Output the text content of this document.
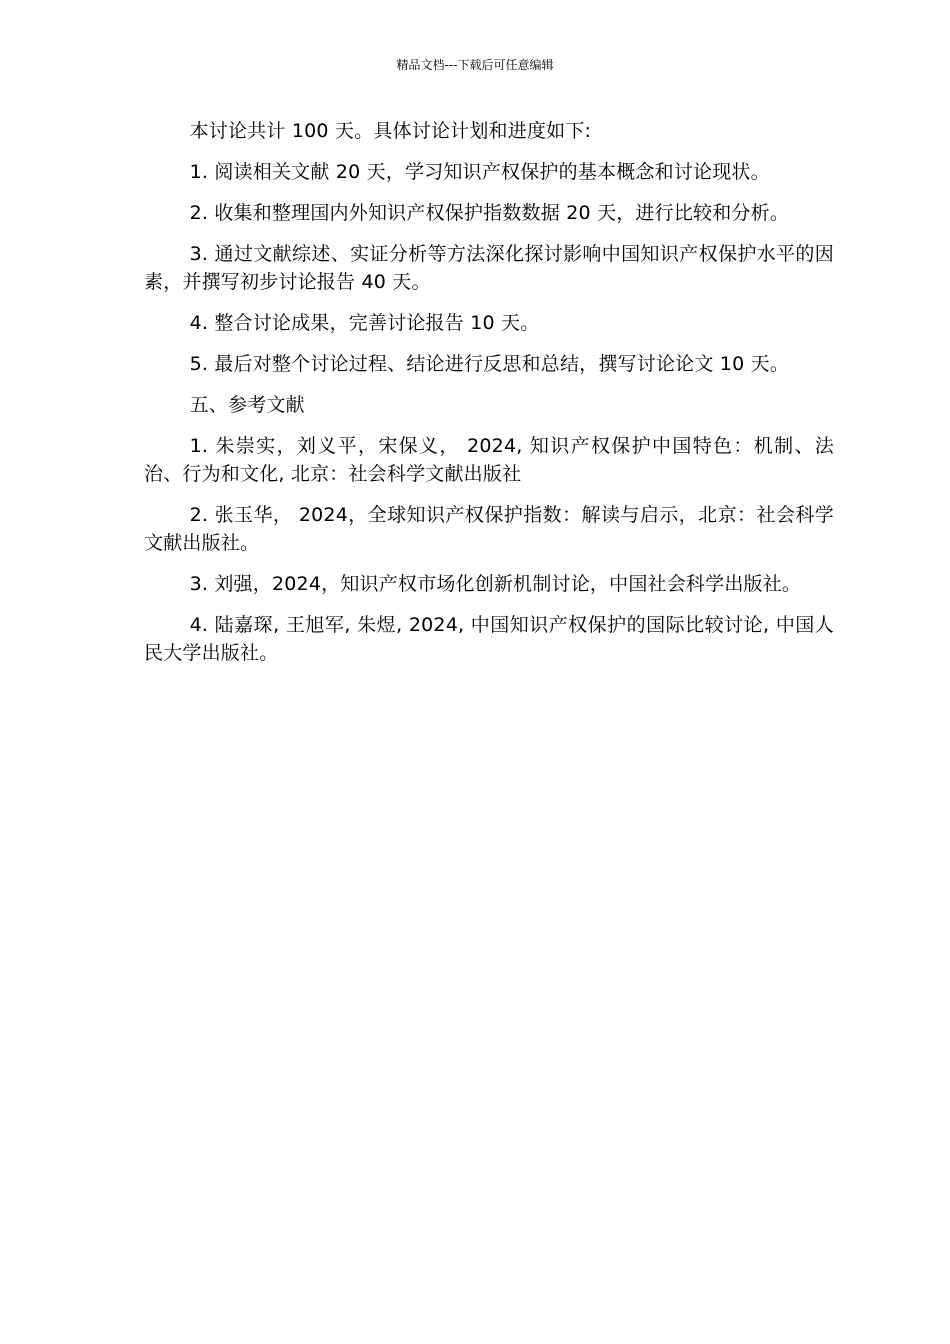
精品文档---下载后可任意编辑

本讨论共计 100 天。具体讨论计划和进度如下:

1. 阅读相关文献 20 天，学习知识产权保护的基本概念和讨论现状。

2. 收集和整理国内外知识产权保护指数数据 20 天，进行比较和分析。

3. 通过文献综述、实证分析等方法深化探讨影响中国知识产权保护水平的因素，并撰写初步讨论报告 40 天。

4. 整合讨论成果，完善讨论报告 10 天。

5. 最后对整个讨论过程、结论进行反思和总结，撰写讨论论文 10 天。

五、参考文献

1. 朱崇实，刘义平，宋保义， 2024, 知识产权保护中国特色：机制、法治、行为和文化, 北京：社会科学文献出版社

2. 张玉华， 2024，全球知识产权保护指数：解读与启示，北京：社会科学文献出版社。

3. 刘强，2024，知识产权市场化创新机制讨论，中国社会科学出版社。

4. 陆嘉琛, 王旭军, 朱煜, 2024, 中国知识产权保护的国际比较讨论, 中国人民大学出版社。
